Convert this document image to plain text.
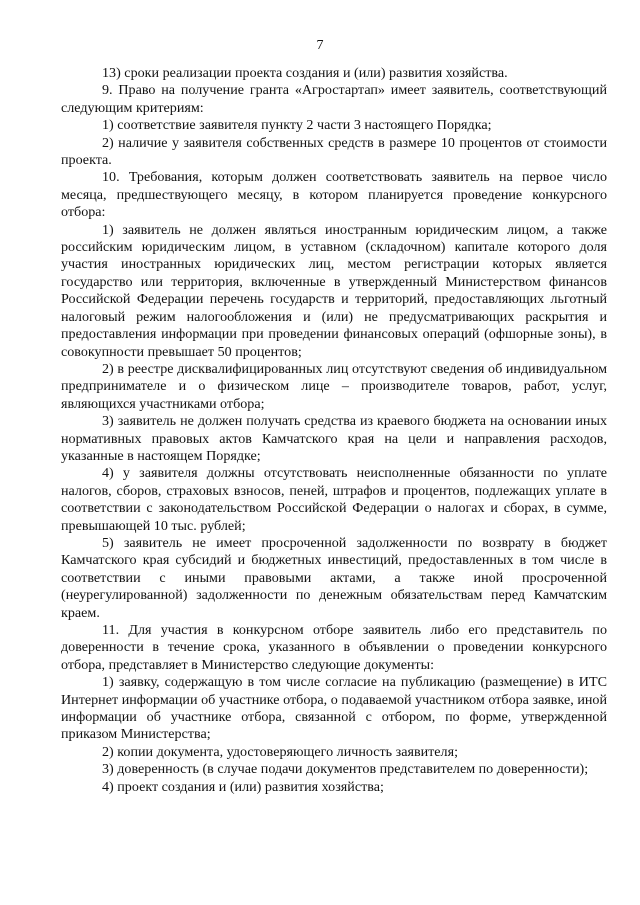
7

13) сроки реализации проекта создания и (или) развития хозяйства.

9. Право на получение гранта «Агростартап» имеет заявитель, соответствующий следующим критериям:

1) соответствие заявителя пункту 2 части 3 настоящего Порядка;

2) наличие у заявителя собственных средств в размере 10 процентов от стоимости проекта.

10. Требования, которым должен соответствовать заявитель на первое число месяца, предшествующего месяцу, в котором планируется проведение конкурсного отбора:

1) заявитель не должен являться иностранным юридическим лицом, а также российским юридическим лицом, в уставном (складочном) капитале которого доля участия иностранных юридических лиц, местом регистрации которых является государство или территория, включенные в утвержденный Министерством финансов Российской Федерации перечень государств и территорий, предоставляющих льготный налоговый режим налогообложения и (или) не предусматривающих раскрытия и предоставления информации при проведении финансовых операций (офшорные зоны), в совокупности превышает 50 процентов;

2) в реестре дисквалифицированных лиц отсутствуют сведения об индивидуальном предпринимателе и о физическом лице – производителе товаров, работ, услуг, являющихся участниками отбора;

3) заявитель не должен получать средства из краевого бюджета на основании иных нормативных правовых актов Камчатского края на цели и направления расходов, указанные в настоящем Порядке;

4) у заявителя должны отсутствовать неисполненные обязанности по уплате налогов, сборов, страховых взносов, пеней, штрафов и процентов, подлежащих уплате в соответствии с законодательством Российской Федерации о налогах и сборах, в сумме, превышающей 10 тыс. рублей;

5) заявитель не имеет просроченной задолженности по возврату в бюджет Камчатского края субсидий и бюджетных инвестиций, предоставленных в том числе в соответствии с иными правовыми актами, а также иной просроченной (неурегулированной) задолженности по денежным обязательствам перед Камчатским краем.

11. Для участия в конкурсном отборе заявитель либо его представитель по доверенности в течение срока, указанного в объявлении о проведении конкурсного отбора, представляет в Министерство следующие документы:

1) заявку, содержащую в том числе согласие на публикацию (размещение) в ИТС Интернет информации об участнике отбора, о подаваемой участником отбора заявке, иной информации об участнике отбора, связанной с отбором, по форме, утвержденной приказом Министерства;

2) копии документа, удостоверяющего личность заявителя;

3) доверенность (в случае подачи документов представителем по доверенности);

4) проект создания и (или) развития хозяйства;
